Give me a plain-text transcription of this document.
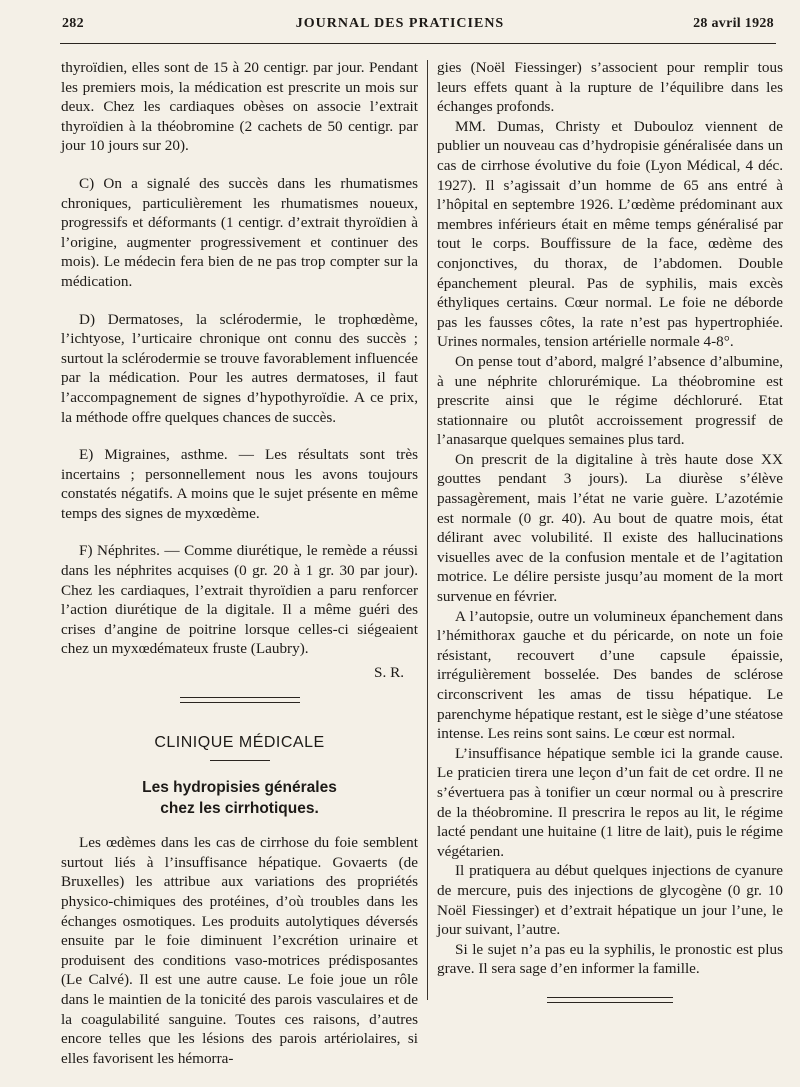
282	JOURNAL DES PRATICIENS	28 avril 1928

thyroïdien, elles sont de 15 à 20 centigr. par jour. Pendant les premiers mois, la médication est prescrite un mois sur deux. Chez les cardiaques obèses on associe l’extrait thyroïdien à la théobromine (2 cachets de 50 centigr. par jour 10 jours sur 20).

C) On a signalé des succès dans les rhumatismes chroniques, particulièrement les rhumatismes noueux, progressifs et déformants (1 centigr. d’extrait thyroïdien à l’origine, augmenter progressivement et continuer des mois). Le médecin fera bien de ne pas trop compter sur la médication.

D) Dermatoses, la sclérodermie, le trophœdème, l’ichtyose, l’urticaire chronique ont connu des succès ; surtout la sclérodermie se trouve favorablement influencée par la médication. Pour les autres dermatoses, il faut l’accompagnement de signes d’hypothyroïdie. A ce prix, la méthode offre quelques chances de succès.

E) Migraines, asthme. — Les résultats sont très incertains ; personnellement nous les avons toujours constatés négatifs. A moins que le sujet présente en même temps des signes de myxœdème.

F) Néphrites. — Comme diurétique, le remède a réussi dans les néphrites acquises (0 gr. 20 à 1 gr. 30 par jour). Chez les cardiaques, l’extrait thyroïdien a paru renforcer l’action diurétique de la digitale. Il a même guéri des crises d’angine de poitrine lorsque celles-ci siégeaient chez un myxœdémateux fruste (Laubry).

S. R.

CLINIQUE MÉDICALE
Les hydropisies générales
chez les cirrhotiques.

Les œdèmes dans les cas de cirrhose du foie semblent surtout liés à l’insuffisance hépatique. Govaerts (de Bruxelles) les attribue aux variations des propriétés physico-chimiques des protéines, d’où troubles dans les échanges osmotiques. Les produits autolytiques déversés ensuite par le foie diminuent l’excrétion urinaire et produisent des conditions vaso-motrices prédisposantes (Le Calvé). Il est une autre cause. Le foie joue un rôle dans le maintien de la tonicité des parois vasculaires et de la coagulabilité sanguine. Toutes ces raisons, d’autres encore telles que les lésions des parois artériolaires, si elles favorisent les hémorra-

gies (Noël Fiessinger) s’associent pour remplir tous leurs effets quant à la rupture de l’équilibre dans les échanges profonds.

MM. Dumas, Christy et Dubouloz viennent de publier un nouveau cas d’hydropisie généralisée dans un cas de cirrhose évolutive du foie (Lyon Médical, 4 déc. 1927). Il s’agissait d’un homme de 65 ans entré à l’hôpital en septembre 1926. L’œdème prédominant aux membres inférieurs était en même temps généralisé par tout le corps. Bouffissure de la face, œdème des conjonctives, du thorax, de l’abdomen. Double épanchement pleural. Pas de syphilis, mais excès éthyliques certains. Cœur normal. Le foie ne déborde pas les fausses côtes, la rate n’est pas hypertrophiée. Urines normales, tension artérielle normale 4-8°.

On pense tout d’abord, malgré l’absence d’albumine, à une néphrite chlorurémique. La théobromine est prescrite ainsi que le régime déchloruré. Etat stationnaire ou plutôt accroissement progressif de l’anasarque quelques semaines plus tard.

On prescrit de la digitaline à très haute dose XX gouttes pendant 3 jours). La diurèse s’élève passagèrement, mais l’état ne varie guère. L’azotémie est normale (0 gr. 40). Au bout de quatre mois, état délirant avec volubilité. Il existe des hallucinations visuelles avec de la confusion mentale et de l’agitation motrice. Le délire persiste jusqu’au moment de la mort survenue en février.

A l’autopsie, outre un volumineux épanchement dans l’hémithorax gauche et du péricarde, on note un foie résistant, recouvert d’une capsule épaissie, irrégulièrement bosselée. Des bandes de sclérose circonscrivent les amas de tissu hépatique. Le parenchyme hépatique restant, est le siège d’une stéatose intense. Les reins sont sains. Le cœur est normal.

L’insuffisance hépatique semble ici la grande cause. Le praticien tirera une leçon d’un fait de cet ordre. Il ne s’évertuera pas à tonifier un cœur normal ou à prescrire de la théobromine. Il prescrira le repos au lit, le régime lacté pendant une huitaine (1 litre de lait), puis le régime végétarien.

Il pratiquera au début quelques injections de cyanure de mercure, puis des injections de glycogène (0 gr. 10 Noël Fiessinger) et d’extrait hépatique un jour l’une, le jour suivant, l’autre.

Si le sujet n’a pas eu la syphilis, le pronostic est plus grave. Il sera sage d’en informer la famille.
